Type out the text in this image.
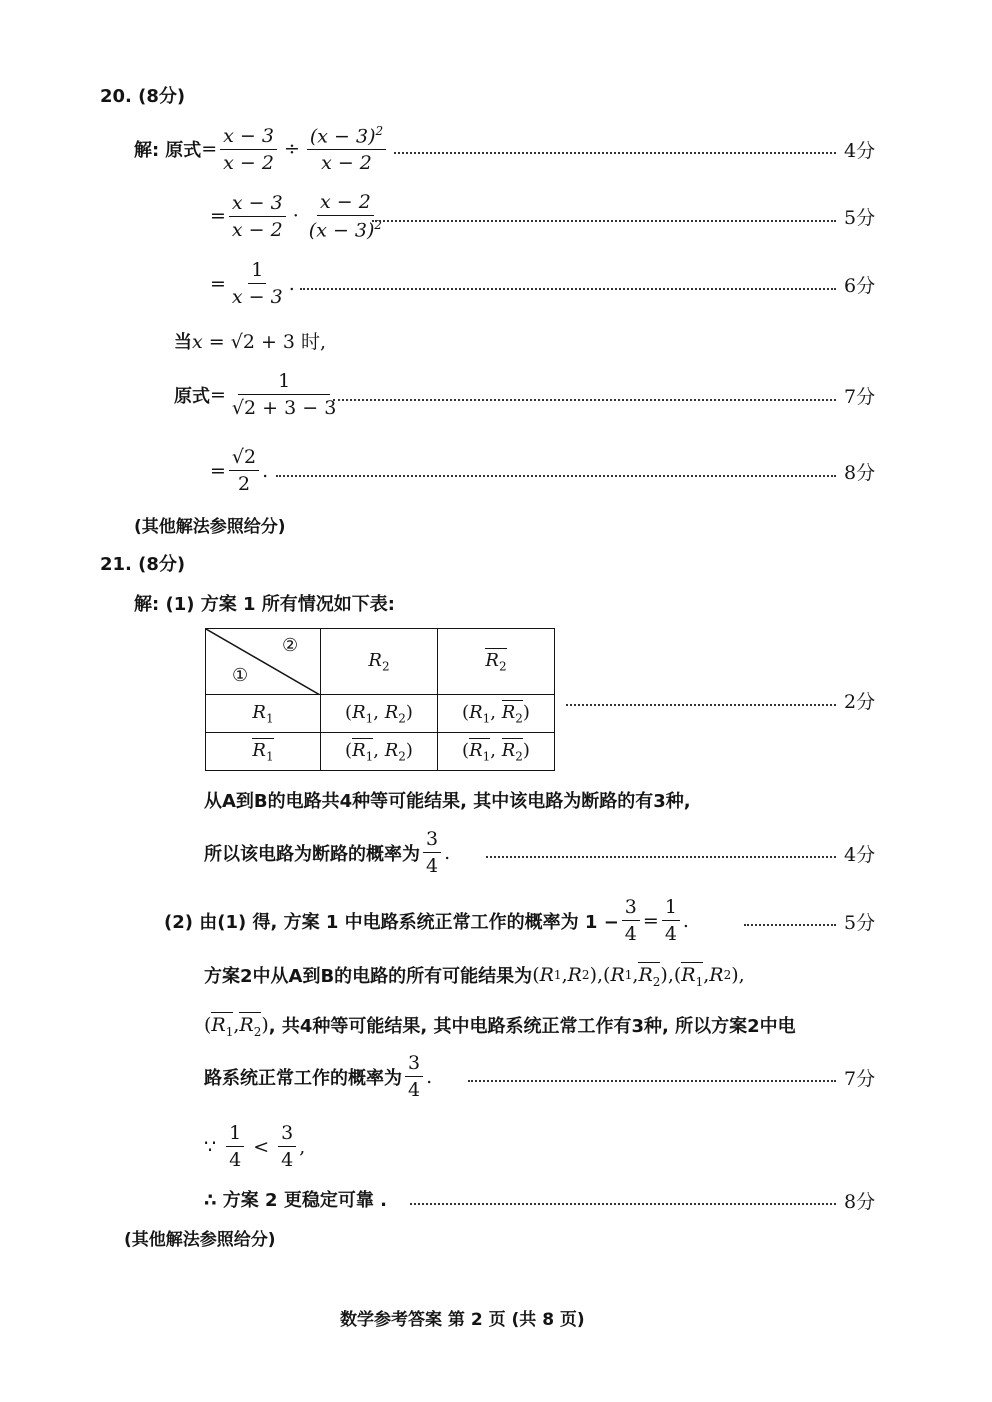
20. (8分)
解: 原式 = $\frac{x - 3}{x - 2} \div \frac{(x - 3)^2}{x - 2}$	4分
= $\frac{x - 3}{x - 2} \cdot \frac{x - 2}{(x - 3)^2}$	5分
= $\frac{1}{x - 3}$ .	6分
当x = √2 + 3 时,
原式 = $\frac{1}{√2 + 3 - 3}$	7分
= $\frac{√2}{2}$ .	8分
(其他解法参照给分)
21. (8分)
解: (1) 方案 1 所有情况如下表:
②
①	$R_2$	$R_2$
$R_1$	($R_1$, $R_2$)	($R_1$, $R_2$)
$R_1$	($R_1$, $R_2$)	($R_1$, $R_2$)
2分
从A到B的电路共4种等可能结果, 其中该电路为断路的有3种,
所以该电路为断路的概率为 $\frac{3}{4}$ .	4分
(2) 由(1) 得, 方案 1 中电路系统正常工作的概率为 $1 - \frac{3}{4} = \frac{1}{4}$ .	5分
方案2中从A到B的电路的所有可能结果为 ( R 1 , R 2 ) , ( R 1 , $R_2$ ) , ( $R_1$ , R 2 ) ,
( $R_1$ , $R_2$ ) , 共4种等可能结果, 其中电路系统正常工作有3种, 所以方案2中电
路系统正常工作的概率为 $\frac{3}{4}$ .	7分
∵ $\frac{1}{4} < \frac{3}{4}$ ,
∴ 方案 2 更稳定可靠 .	8分
(其他解法参照给分)
数学参考答案 第 2 页 (共 8 页)
